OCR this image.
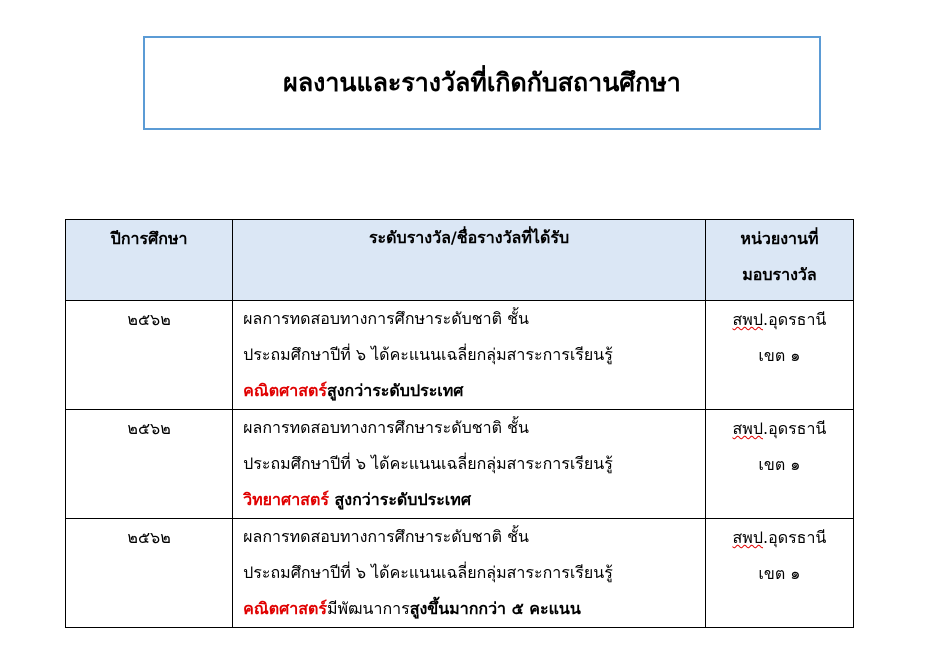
ผลงานและรางวัลที่เกิดกับสถานศึกษา
ปีการศึกษา	ระดับรางวัล/ชื่อรางวัลที่ได้รับ	หน่วยงานที่
มอบรางวัล

๒๕๖๒	ผลการทดสอบทางการศึกษาระดับชาติ ชั้น
ประถมศึกษาปีที่ ๖ ได้คะแนนเฉลี่ยกลุ่มสาระการเรียนรู้
คณิตศาสตร์สูงกว่าระดับประเทศ	สพป.อุดรธานี
เขต ๑

๒๕๖๒	ผลการทดสอบทางการศึกษาระดับชาติ ชั้น
ประถมศึกษาปีที่ ๖ ได้คะแนนเฉลี่ยกลุ่มสาระการเรียนรู้
วิทยาศาสตร์ สูงกว่าระดับประเทศ	สพป.อุดรธานี
เขต ๑

๒๕๖๒	ผลการทดสอบทางการศึกษาระดับชาติ ชั้น
ประถมศึกษาปีที่ ๖ ได้คะแนนเฉลี่ยกลุ่มสาระการเรียนรู้
คณิตศาสตร์มีพัฒนาการสูงขึ้นมากกว่า ๕ คะแนน	สพป.อุดรธานี
เขต ๑
